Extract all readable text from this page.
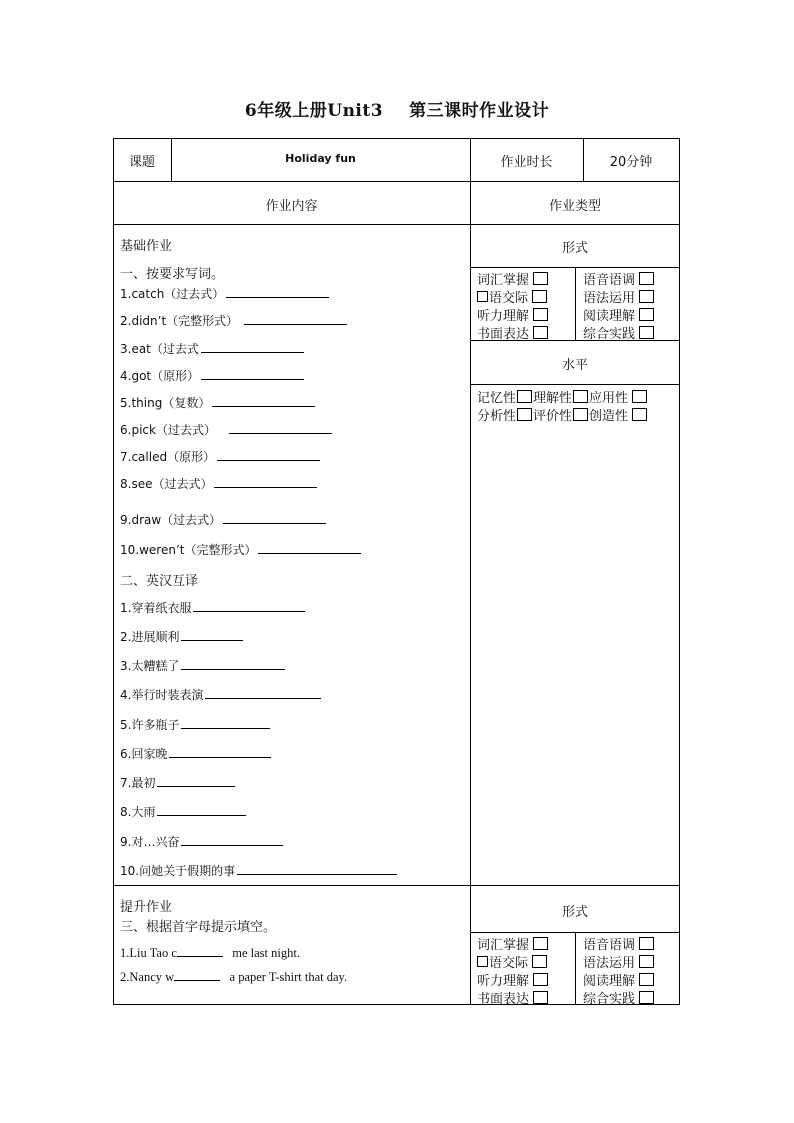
6年级上册Unit3 第三课时作业设计
课题	Holiday fun	作业时长	20分钟
作业内容	作业类型
基础作业
一、按要求写词。
1.catch（过去式）
2.didn’t（完整形式）
3.eat（过去式
4.got（原形）
5.thing（复数）
6.pick（过去式）
7.called（原形）
8.see（过去式）
9.draw（过去式）
10.weren’t（完整形式）
二、英汉互译
1.穿着纸衣服
2.进展顺利
3.太糟糕了
4.举行时装表演
5.许多瓶子
6.回家晚
7.最初
8.大雨
9.对…兴奋
10.问她关于假期的事
形式
词汇掌握	语音语调
语交际	语法运用
听力理解	阅读理解
书面表达	综合实践
水平
记忆性 理解性 应用性
分析性 评价性 创造性
提升作业
三、根据首字母提示填空。
1.Liu Tao c	me last night.
2.Nancy w	a paper T-shirt that day.
形式
词汇掌握	语音语调
语交际	语法运用
听力理解	阅读理解
书面表达	综合实践
